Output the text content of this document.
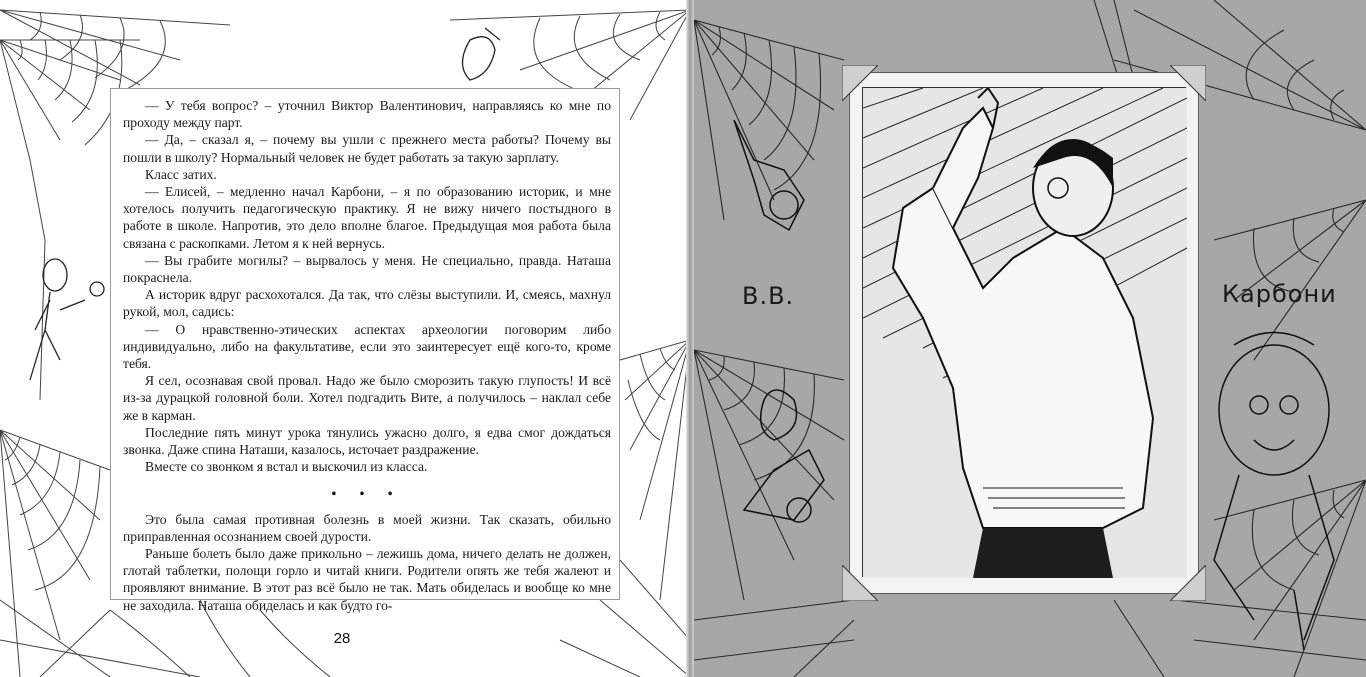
— У тебя вопрос? – уточнил Виктор Валентинович, направляясь ко мне по проходу между парт.

— Да, – сказал я, – почему вы ушли с прежнего места работы? Почему вы пошли в школу? Нормальный человек не будет работать за такую зарплату.

Класс затих.

— Елисей, – медленно начал Карбони, – я по образованию историк, и мне хотелось получить педагогическую практику. Я не вижу ничего постыдного в работе в школе. Напротив, это дело вполне благое. Предыдущая моя работа была связана с раскопками. Летом я к ней вернусь.

— Вы грабите могилы? – вырвалось у меня. Не специально, правда. Наташа покраснела.

А историк вдруг расхохотался. Да так, что слёзы выступили. И, смеясь, махнул рукой, мол, садись:

— О нравственно-этических аспектах археологии поговорим либо индивидуально, либо на факультативе, если это заинтересует ещё кого-то, кроме тебя.

Я сел, осознавая свой провал. Надо же было сморозить такую глупость! И всё из-за дурацкой головной боли. Хотел подгадить Вите, а получилось – наклал себе же в карман.

Последние пять минут урока тянулись ужасно долго, я едва смог дождаться звонка. Даже спина Наташи, казалось, источает раздражение.

Вместе со звонком я встал и выскочил из класса.

• • •

Это была самая противная болезнь в моей жизни. Так сказать, обильно приправленная осознанием своей дурости.

Раньше болеть было даже прикольно – лежишь дома, ничего делать не должен, глотай таблетки, полощи горло и читай книги. Родители опять же тебя жалеют и проявляют внимание. В этот раз всё было не так. Мать обиделась и вообще ко мне не заходила. Наташа обиделась и как будто го-

28
В.В.	Карбони
